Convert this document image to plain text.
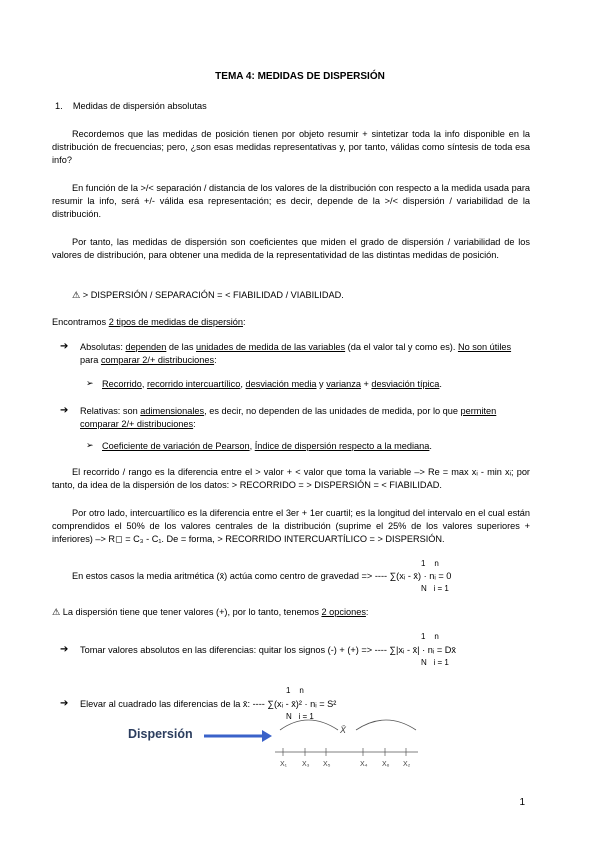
TEMA 4: MEDIDAS DE DISPERSIÓN
1. Medidas de dispersión absolutas
Recordemos que las medidas de posición tienen por objeto resumir + sintetizar toda la info disponible en la distribución de frecuencias; pero, ¿son esas medidas representativas y, por tanto, válidas como síntesis de toda esa info?
En función de la >/< separación / distancia de los valores de la distribución con respecto a la medida usada para resumir la info, será +/- válida esa representación; es decir, depende de la >/< dispersión / variabilidad de la distribución.
Por tanto, las medidas de dispersión son coeficientes que miden el grado de dispersión / variabilidad de los valores de distribución, para obtener una medida de la representatividad de las distintas medidas de posición.
⚠ > DISPERSIÓN / SEPARACIÓN = < FIABILIDAD / VIABILIDAD.
Encontramos 2 tipos de medidas de dispersión:
➔ Absolutas: dependen de las unidades de medida de las variables (da el valor tal y como es). No son útiles
para comparar 2/+ distribuciones:
➢ Recorrido, recorrido intercuartílico, desviación media y varianza + desviación típica.
➔ Relativas: son adimensionales, es decir, no dependen de las unidades de medida, por lo que permiten
comparar 2/+ distribuciones:
➢ Coeficiente de variación de Pearson, Índice de dispersión respecto a la mediana.
El recorrido / rango es la diferencia entre el > valor + < valor que toma la variable –> Re = max xᵢ - min xᵢ; por tanto, da idea de la dispersión de los datos: > RECORRIDO = > DISPERSIÓN = < FIABILIDAD.
Por otro lado, intercuartílico es la diferencia entre el 3er + 1er cuartil; es la longitud del intervalo en el cual están comprendidos el 50% de los valores centrales de la distribución (suprime el 25% de los valores superiores + inferiores) –> R◻ = C₃ - C₁. De = forma, > RECORRIDO INTERCUARTÍLICO = > DISPERSIÓN.
1 n
En estos casos la media aritmética (x̄) actúa como centro de gravedad => ---- ∑(xᵢ - x̄) · nᵢ = 0
N i = 1
⚠ La dispersión tiene que tener valores (+), por lo tanto, tenemos 2 opciones:
1 n
➔ Tomar valores absolutos en las diferencias: quitar los signos (-) + (+) => ---- ∑|xᵢ - x̄| · nᵢ = Dx̄
N i = 1
1 n
➔ Elevar al cuadrado las diferencias de la x̄: ---- ∑(xᵢ - x̄)² · nᵢ = S²
N i = 1
Dispersión	X̄
X₁ X₃ X₅	X₄ X₆ X₂
1
